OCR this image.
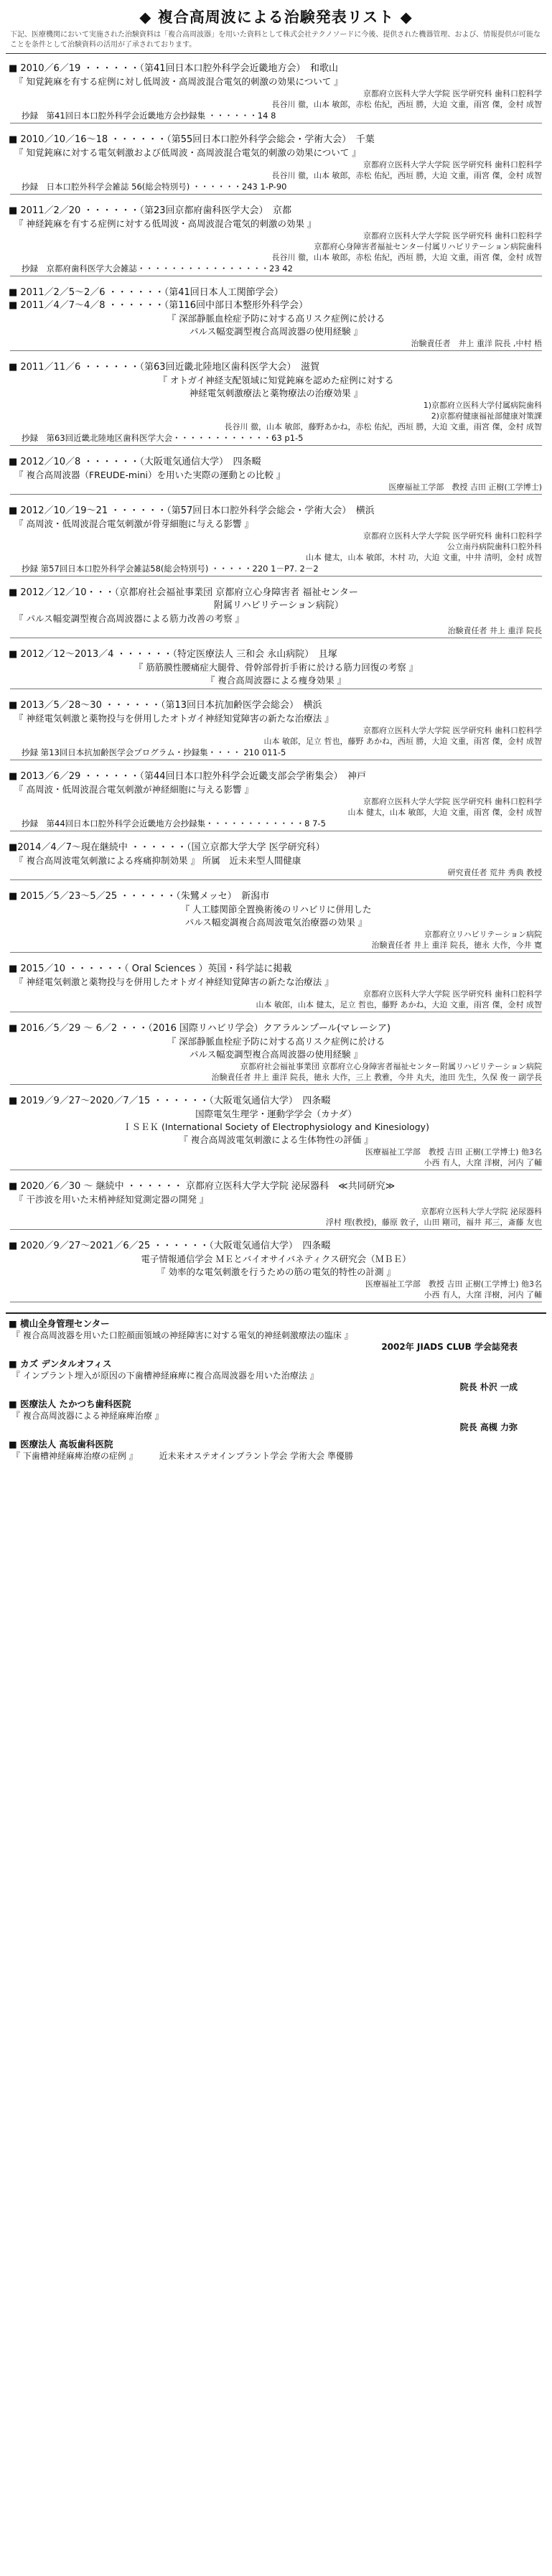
◆ 複合高周波による治験発表リスト ◆
下記、医療機関において実施された治験資料は「複合高周波器」を用いた資料として株式会社テクノソードに今後、提供された機器管理、および、情報提供が可能なことを条件として治験資料の活用が了承されております。
■ 2010／6／19 ・・・・・・（第41回日本口腔外科学会近畿地方会）　和歌山
『 知覚鈍麻を有する症例に対し低周波・高周波混合電気的刺激の効果について 』
京都府立医科大学大学院 医学研究科 歯科口腔科学
長谷川 徹，山本 敏郎，赤松 佑紀，西垣 勝，大迫 文重，雨宮 傑，金村 成智
抄録　第41回日本口腔外科学会近畿地方会抄録集 ・・・・・・14 8
■ 2010／10／16～18 ・・・・・・（第55回日本口腔外科学会総会・学術大会）　千葉
『 知覚鈍麻に対する電気刺激および低周波・高周波混合電気的刺激の効果について 』
京都府立医科大学大学院 医学研究科 歯科口腔科学
長谷川 徹，山本 敏郎，赤松 佑紀，西垣 勝，大迫 文重，雨宮 傑，金村 成智
抄録　日本口腔外科学会雑誌 56(総会特別号) ・・・・・・243 1-P-90
■ 2011／2／20 ・・・・・・（第23回京都府歯科医学大会）　京都
『 神経鈍麻を有する症例に対する低周波・高周波混合電気的刺激の効果 』
京都府立医科大学大学院 医学研究科 歯科口腔科学
京都府心身障害者福祉センター付属リハビリテーション病院歯科
長谷川 徹，山本 敏郎，赤松 佑紀，西垣 勝，大迫 文重，雨宮 傑，金村 成智
抄録　京都府歯科医学大会雑誌・・・・・・・・・・・・・・・・23 42
■ 2011／2／5～2／6 ・・・・・・（第41回日本人工関節学会）
■ 2011／4／7～4／8 ・・・・・・（第116回中部日本整形外科学会）
『 深部静脈血栓症予防に対する高リスク症例に於ける
パルス幅変調型複合高周波器の使用経験 』
治験責任者　井上 重洋 院長 ,中村 梧
■ 2011／11／6 ・・・・・・（第63回近畿北陸地区歯科医学大会）　滋賀
『 オトガイ神経支配領域に知覚鈍麻を認めた症例に対する
神経電気刺激療法と薬物療法の治療効果 』
1)京都府立医科大学付属病院歯科
2)京都府健康福祉部健康対策課
長谷川 徹，山本 敏郎，藤野あかね，赤松 佑紀，西垣 勝，大迫 文重，雨宮 傑，金村 成智
抄録　第63回近畿北陸地区歯科医学大会・・・・・・・・・・・・63 p1-5
■ 2012／10／8 ・・・・・・（大阪電気通信大学）　四条畷
『 複合高周波器（FREUDE-mini）を用いた実際の運動との比較 』
医療福祉工学部　教授 吉田 正樹(工学博士)
■ 2012／10／19～21 ・・・・・・（第57回日本口腔外科学会総会・学術大会）　横浜
『 高周波・低周波混合電気刺激が骨芽細胞に与える影響 』
京都府立医科大学大学院 医学研究科 歯科口腔科学
公立南丹病院歯科口腔外科
山本 健太，山本 敏郎，木村 功，大迫 文重，中井 清明，金村 成智
抄録 第57回日本口腔外科学会雑誌58(総会特別号) ・・・・・220 1－P7. 2－2
■ 2012／12／10・・・（京都府社会福祉事業団 京都府立心身障害者 福祉センター
　　　　　　　　　　　　　　　　　　　　　　附属リハビリテーション病院）
『 パルス幅変調型複合高周波器による筋力改善の考察 』
治験責任者 井上 重洋 院長
■ 2012／12～2013／4 ・・・・・・（特定医療法人 三和会 永山病院）　且塚
『 筋筋膜性腰痛症大腿骨、骨幹部骨折手術に於ける筋力回復の考察 』
『 複合高周波器による痩身効果 』
■ 2013／5／28～30 ・・・・・・（第13回日本抗加齢医学会総会）　横浜
『 神経電気刺激と薬物投与を併用したオトガイ神経知覚障害の新たな治療法 』
京都府立医科大学大学院 医学研究科 歯科口腔科学
山本 敏郎，足立 哲也，藤野 あかね，西垣 勝，大迫 文重，雨宮 傑，金村 成智
抄録 第13回日本抗加齢医学会プログラム・抄録集・・・・ 210 011-5
■ 2013／6／29 ・・・・・・（第44回日本口腔外科学会近畿支部会学術集会）　神戸
『 高周波・低周波混合電気刺激が神経細胞に与える影響 』
京都府立医科大学大学院 医学研究科 歯科口腔科学
山本 健太，山本 敏郎，大迫 文重，雨宮 傑，金村 成智
抄録　第44回日本口腔外科学会近畿地方会抄録集・・・・・・・・・・・・8 7-5
■2014／4／7～現在継続中 ・・・・・・（国立京都大学大学 医学研究科）
『 複合高周波電気刺激による疼痛抑制効果 』 所属　近未来型人間健康
研究責任者 荒井 秀典 教授
■ 2015／5／23～5／25 ・・・・・・（朱鷺メッセ）　新潟市
『 人工膝関節全置換術後のリハビリに併用した
パルス幅変調複合高周波電気治療器の効果 』
京都府立リハビリテーション病院
治験責任者 井上 重洋 院長，徳永 大作，今井 寛
■ 2015／10 ・・・・・・（ Oral Sciences ）英国・科学誌に掲載
『 神経電気刺激と薬物投与を併用したオトガイ神経知覚障害の新たな治療法 』
京都府立医科大学大学院 医学研究科 歯科口腔科学
山本 敏郎，山本 健太，足立 哲也，藤野 あかね，大迫 文重，雨宮 傑，金村 成智
■ 2016／5／29 ～ 6／2 ・・・（2016 国際リハビリ学会）クアラルンプール(マレーシア)
『 深部静脈血栓症予防に対する高リスク症例に於ける
パルス幅変調型複合高周波器の使用経験 』
京都府社会福祉事業団 京都府立心身障害者福祉センター附属リハビリテーション病院
治験責任者 井上 重洋 院長，徳永 大作，三上 教雅，今井 丸夫，池田 先生，久保 俊一 副学長
■ 2019／9／27～2020／7／15 ・・・・・・（大阪電気通信大学）　四条畷
国際電気生理学・運動学学会（カナダ）
ＩＳＥＫ (International Society of Electrophysiology and Kinesiology)
『 複合高周波電気刺激による生体物性の評価 』
医療福祉工学部　教授 吉田 正樹(工学博士) 他3名
小西 有人，大窪 洋樹，河内 了輔
■ 2020／6／30 ～ 継続中 ・・・・・・ 京都府立医科大学大学院 泌尿器科　≪共同研究≫
『 干渉波を用いた末梢神経知覚測定器の開発 』
京都府立医科大学大学院 泌尿器科
浮村 理(教授)，藤原 敦子，山田 剛司，福井 邦三，斎藤 友也
■ 2020／9／27～2021／6／25 ・・・・・・（大阪電気通信大学）　四条畷
電子情報通信学会 ＭＥとバイオサイバネティクス研究会（ＭＢＥ）
『 効率的な電気刺激を行うための筋の電気的特性の計測 』
医療福祉工学部　教授 吉田 正樹(工学博士) 他3名
小西 有人，大窪 洋樹，河内 了輔
■ 横山全身管理センター
『 複合高周波器を用いた口腔顔面領域の神経障害に対する電気的神経刺激療法の臨床 』
2002年 JIADS CLUB 学会誌発表
■ カズ デンタルオフィス
『 インプラント埋入が原因の下歯槽神経麻痺に複合高周波器を用いた治療法 』
院長 朴沢 一成
■ 医療法人 たかつち歯科医院
『 複合高周波器による神経麻痺治療 』
院長 高槻 力弥
■ 医療法人 高坂歯科医院
『 下歯槽神経麻痺治療の症例 』　　　近未来オステオインプラント学会 学術大会 準優勝
